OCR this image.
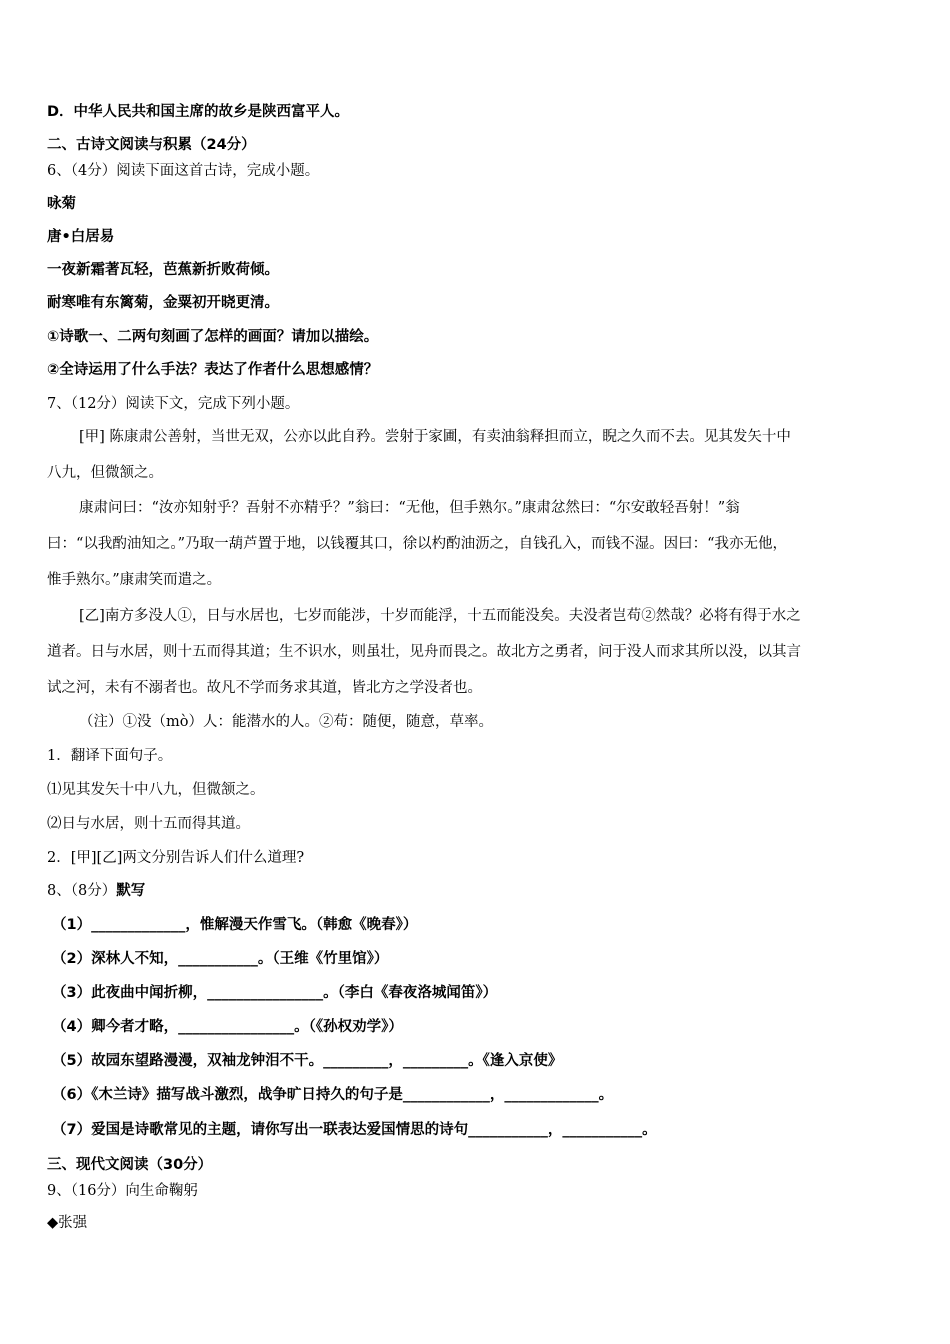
D．中华人民共和国主席的故乡是陕西富平人。
二、古诗文阅读与积累（24分）
6、（4分）阅读下面这首古诗，完成小题。
咏菊
唐•白居易
一夜新霜著瓦轻，芭蕉新折败荷倾。
耐寒唯有东篱菊，金粟初开晓更清。
①诗歌一、二两句刻画了怎样的画面？请加以描绘。
②全诗运用了什么手法？表达了作者什么思想感情？
7、（12分）阅读下文，完成下列小题。
[甲] 陈康肃公善射，当世无双，公亦以此自矜。尝射于家圃，有卖油翁释担而立，睨之久而不去。见其发矢十中
八九，但微颔之。
康肃问曰：“汝亦知射乎？吾射不亦精乎？”翁曰：“无他，但手熟尔。”康肃忿然曰：“尔安敢轻吾射！”翁
曰：“以我酌油知之。”乃取一葫芦置于地，以钱覆其口，徐以杓酌油沥之，自钱孔入，而钱不湿。因曰：“我亦无他，
惟手熟尔。”康肃笑而遣之。
[乙]南方多没人①，日与水居也，七岁而能涉，十岁而能浮，十五而能没矣。夫没者岂苟②然哉？必将有得于水之
道者。日与水居，则十五而得其道；生不识水，则虽壮，见舟而畏之。故北方之勇者，问于没人而求其所以没，以其言
试之河，未有不溺者也。故凡不学而务求其道，皆北方之学没者也。
（注）①没（mò）人：能潜水的人。②苟：随便，随意，草率。
1．翻译下面句子。
⑴见其发矢十中八九，但微颔之。
⑵日与水居，则十五而得其道。
2．[甲][乙]两文分别告诉人们什么道理?
8、（8分）默写
（1）_____________，惟解漫天作雪飞。（韩愈《晚春》）
（2）深林人不知，___________。（王维《竹里馆》）
（3）此夜曲中闻折柳，________________。（李白《春夜洛城闻笛》）
（4）卿今者才略，________________。（《孙权劝学》）
（5）故园东望路漫漫，双袖龙钟泪不干。_________，_________。《逢入京使》
（6）《木兰诗》描写战斗激烈，战争旷日持久的句子是____________，_____________。
（7）爱国是诗歌常见的主题，请你写出一联表达爱国情思的诗句___________，___________。
三、现代文阅读（30分）
9、（16分）向生命鞠躬
◆张强
